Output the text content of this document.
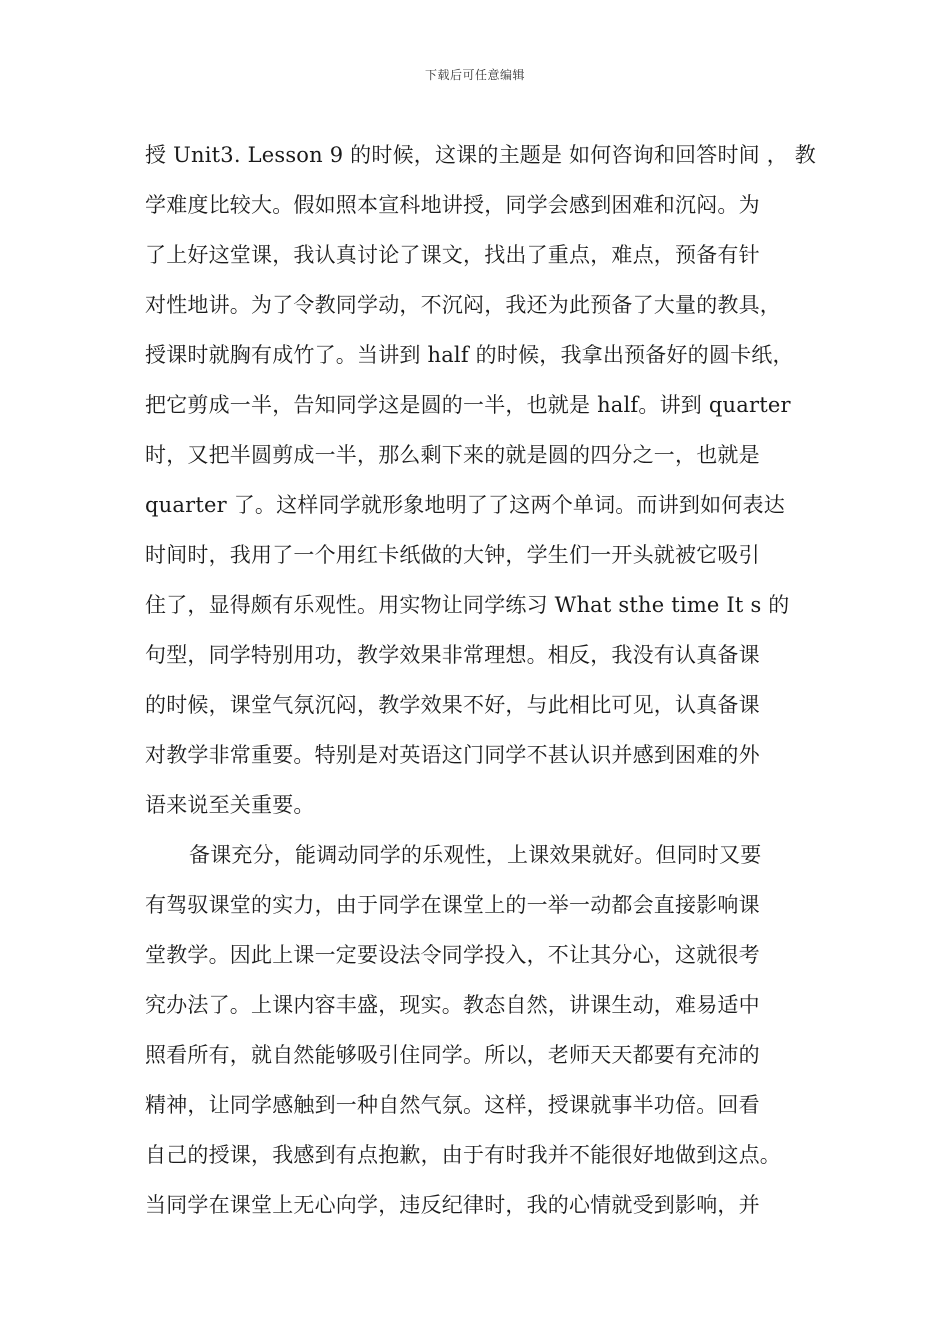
下载后可任意编辑
授 Unit3. Lesson 9 的时候，这课的主题是 如何咨询和回答时间 ， 教
学难度比较大。假如照本宣科地讲授，同学会感到困难和沉闷。为
了上好这堂课，我认真讨论了课文，找出了重点，难点，预备有针
对性地讲。为了令教同学动，不沉闷，我还为此预备了大量的教具，
授课时就胸有成竹了。当讲到 half 的时候，我拿出预备好的圆卡纸，
把它剪成一半，告知同学这是圆的一半，也就是 half。讲到 quarter
时，又把半圆剪成一半，那么剩下来的就是圆的四分之一，也就是
quarter 了。这样同学就形象地明了了这两个单词。而讲到如何表达
时间时，我用了一个用红卡纸做的大钟，学生们一开头就被它吸引
住了，显得颇有乐观性。用实物让同学练习 What sthe time It s 的
句型，同学特别用功，教学效果非常理想。相反，我没有认真备课
的时候，课堂气氛沉闷，教学效果不好，与此相比可见，认真备课
对教学非常重要。特别是对英语这门同学不甚认识并感到困难的外
语来说至关重要。
备课充分，能调动同学的乐观性，上课效果就好。但同时又要
有驾驭课堂的实力，由于同学在课堂上的一举一动都会直接影响课
堂教学。因此上课一定要设法令同学投入，不让其分心，这就很考
究办法了。上课内容丰盛，现实。教态自然，讲课生动，难易适中
照看所有，就自然能够吸引住同学。所以，老师天天都要有充沛的
精神，让同学感触到一种自然气氛。这样，授课就事半功倍。回看
自己的授课，我感到有点抱歉，由于有时我并不能很好地做到这点。
当同学在课堂上无心向学，违反纪律时，我的心情就受到影响，并
